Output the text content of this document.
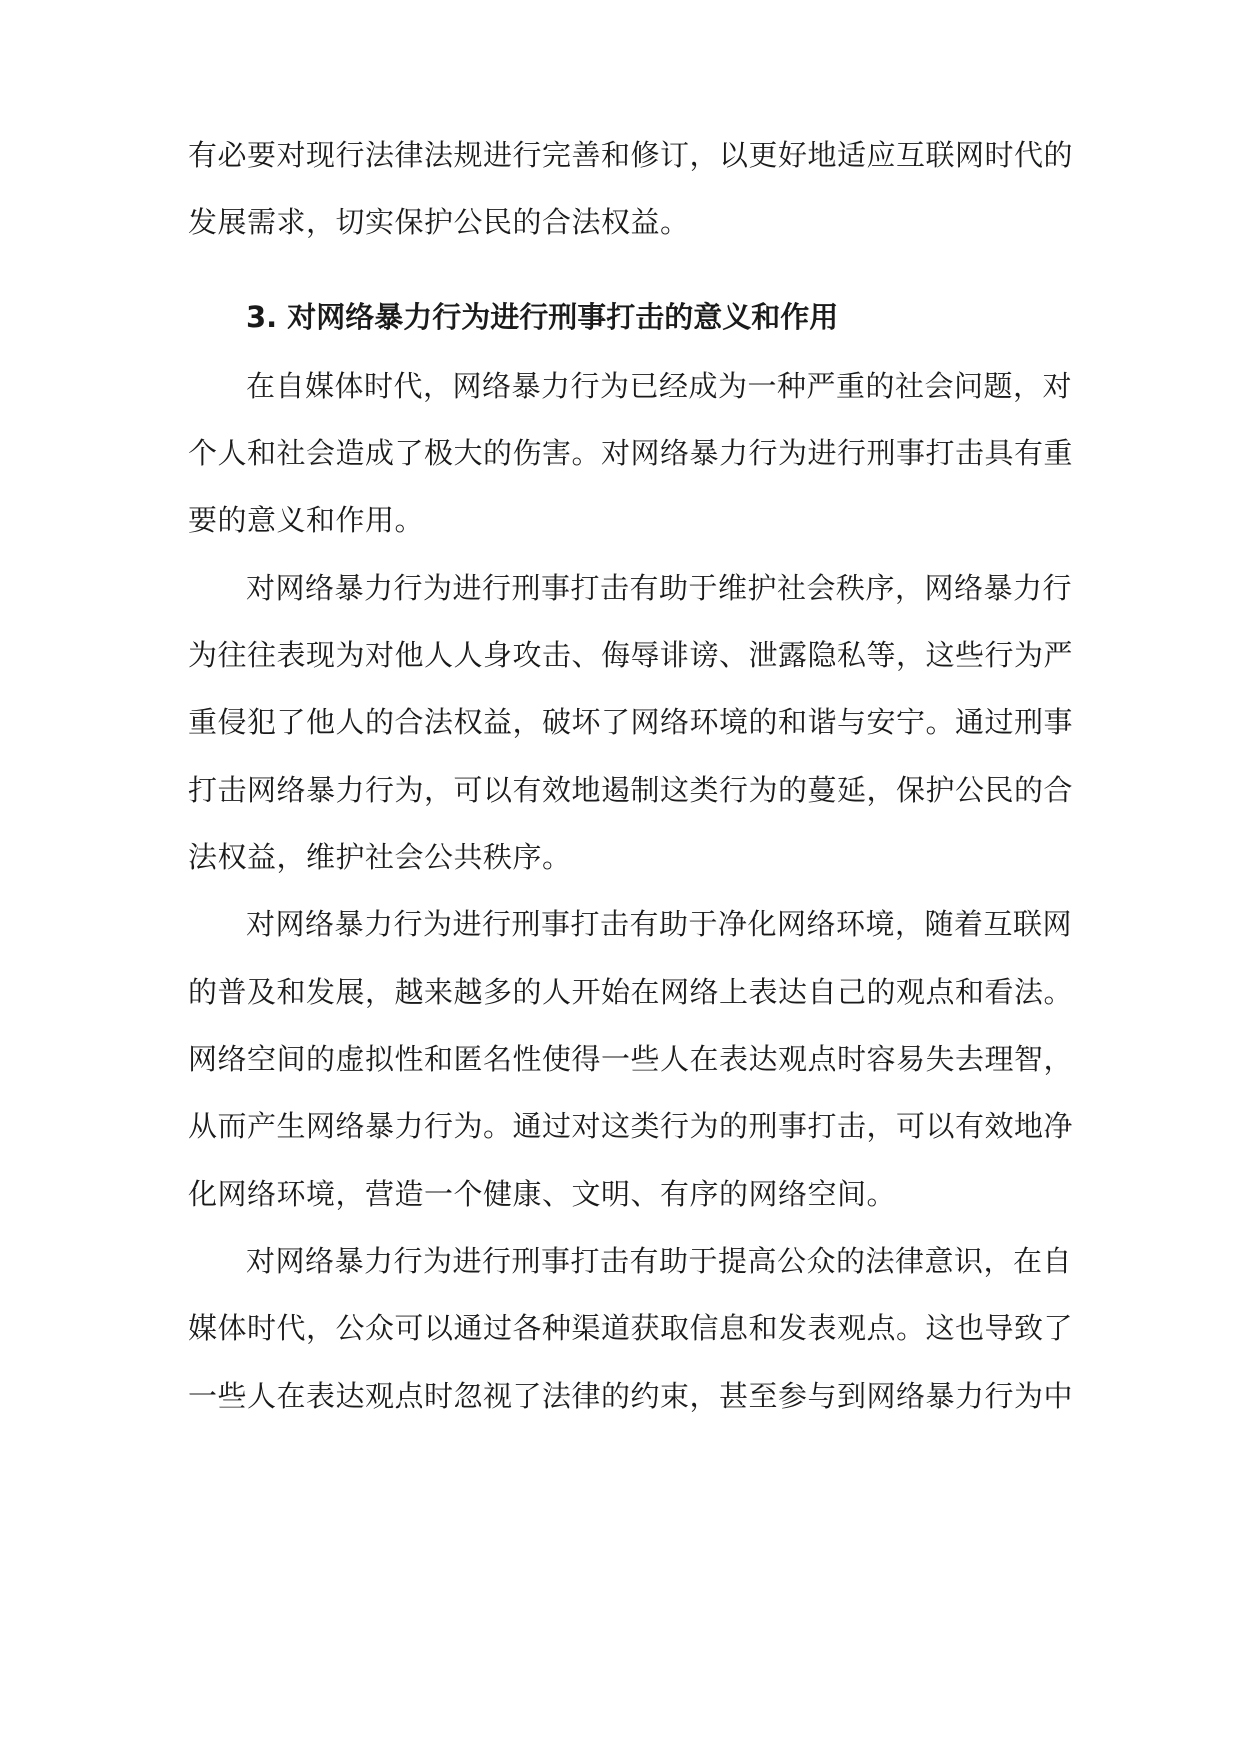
有必要对现行法律法规进行完善和修订，以更好地适应互联网时代的
发展需求，切实保护公民的合法权益。
3. 对网络暴力行为进行刑事打击的意义和作用
在自媒体时代，网络暴力行为已经成为一种严重的社会问题，对
个人和社会造成了极大的伤害。对网络暴力行为进行刑事打击具有重
要的意义和作用。
对网络暴力行为进行刑事打击有助于维护社会秩序，网络暴力行
为往往表现为对他人人身攻击、侮辱诽谤、泄露隐私等，这些行为严
重侵犯了他人的合法权益，破坏了网络环境的和谐与安宁。通过刑事
打击网络暴力行为，可以有效地遏制这类行为的蔓延，保护公民的合
法权益，维护社会公共秩序。
对网络暴力行为进行刑事打击有助于净化网络环境，随着互联网
的普及和发展，越来越多的人开始在网络上表达自己的观点和看法。
网络空间的虚拟性和匿名性使得一些人在表达观点时容易失去理智，
从而产生网络暴力行为。通过对这类行为的刑事打击，可以有效地净
化网络环境，营造一个健康、文明、有序的网络空间。
对网络暴力行为进行刑事打击有助于提高公众的法律意识，在自
媒体时代，公众可以通过各种渠道获取信息和发表观点。这也导致了
一些人在表达观点时忽视了法律的约束，甚至参与到网络暴力行为中
